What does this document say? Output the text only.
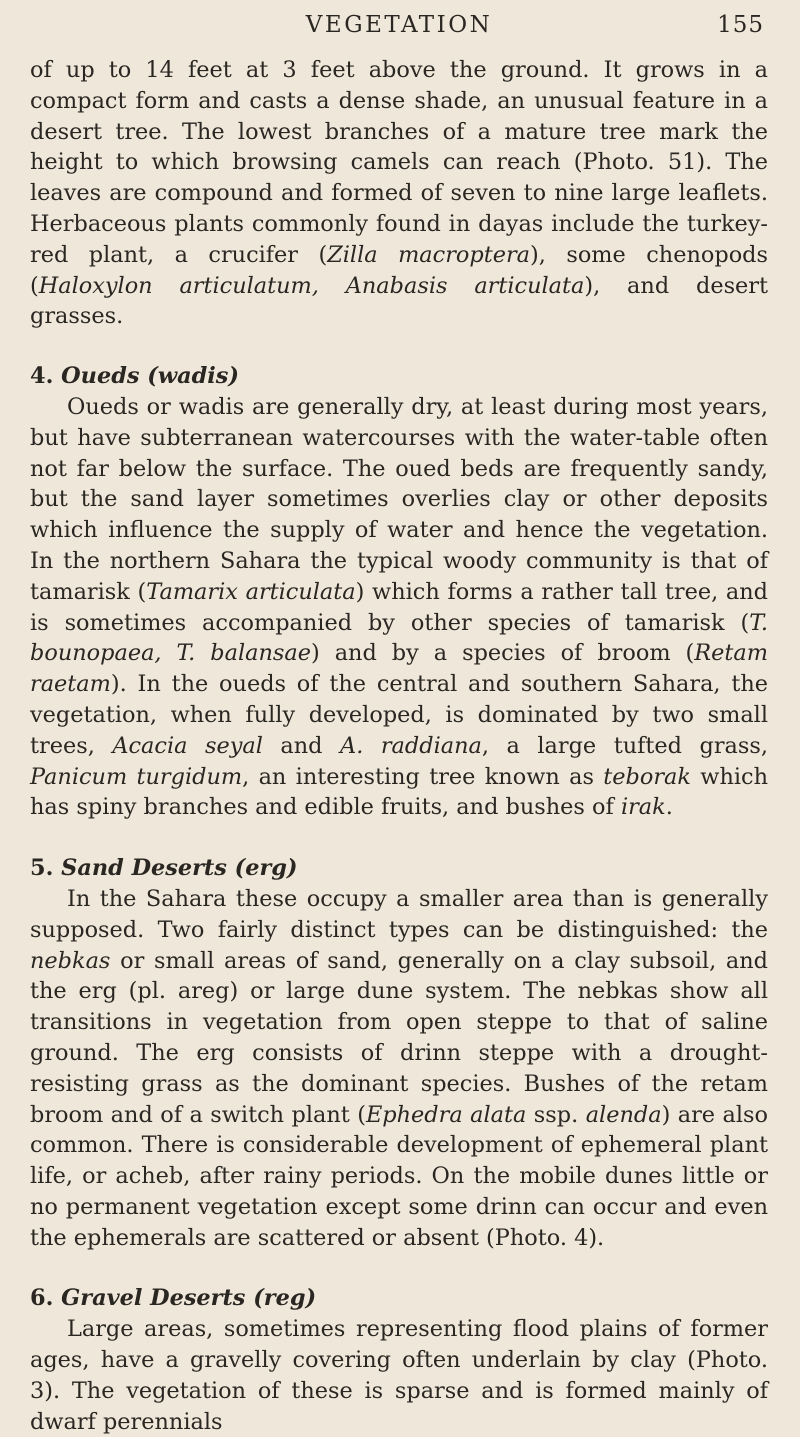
VEGETATION	155

of up to 14 feet at 3 feet above the ground. It grows in a compact form and casts a dense shade, an unusual feature in a desert tree. The lowest branches of a mature tree mark the height to which browsing camels can reach (Photo. 51). The leaves are compound and formed of seven to nine large leaflets. Herbaceous plants commonly found in dayas include the turkey-red plant, a crucifer (Zilla macroptera), some chenopods (Haloxylon articulatum, Anabasis articulata), and desert grasses.

4. Oueds (wadis)

Oueds or wadis are generally dry, at least during most years, but have subterranean watercourses with the water-table often not far below the surface. The oued beds are frequently sandy, but the sand layer sometimes overlies clay or other deposits which influence the supply of water and hence the vegetation. In the northern Sahara the typical woody community is that of tamarisk (Tamarix articulata) which forms a rather tall tree, and is sometimes accompanied by other species of tamarisk (T. bounopaea, T. balansae) and by a species of broom (Retam raetam). In the oueds of the central and southern Sahara, the vegetation, when fully developed, is dominated by two small trees, Acacia seyal and A. raddiana, a large tufted grass, Panicum turgidum, an interesting tree known as teborak which has spiny branches and edible fruits, and bushes of irak.

5. Sand Deserts (erg)

In the Sahara these occupy a smaller area than is generally supposed. Two fairly distinct types can be distinguished: the nebkas or small areas of sand, generally on a clay subsoil, and the erg (pl. areg) or large dune system. The nebkas show all transitions in vegetation from open steppe to that of saline ground. The erg consists of drinn steppe with a drought-resisting grass as the dominant species. Bushes of the retam broom and of a switch plant (Ephedra alata ssp. alenda) are also common. There is considerable development of ephemeral plant life, or acheb, after rainy periods. On the mobile dunes little or no permanent vegetation except some drinn can occur and even the ephemerals are scattered or absent (Photo. 4).

6. Gravel Deserts (reg)

Large areas, sometimes representing flood plains of former ages, have a gravelly covering often underlain by clay (Photo. 3). The vegetation of these is sparse and is formed mainly of dwarf perennials
